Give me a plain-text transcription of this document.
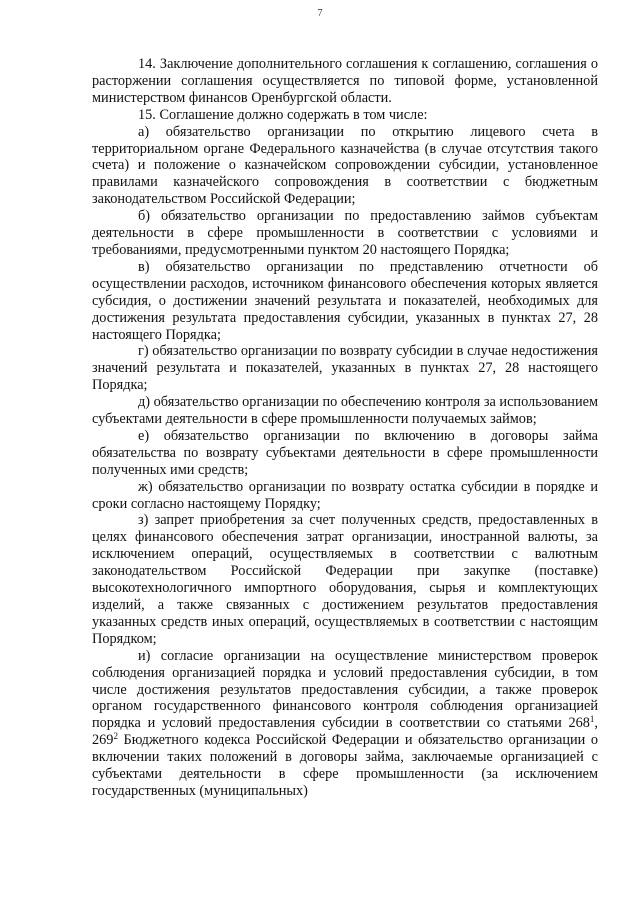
7

14. Заключение дополнительного соглашения к соглашению, соглашения о расторжении соглашения осуществляется по типовой форме, установленной министерством финансов Оренбургской области.

15. Соглашение должно содержать в том числе:

а) обязательство организации по открытию лицевого счета в территориальном органе Федерального казначейства (в случае отсутствия такого счета) и положение о казначейском сопровождении субсидии, установленное правилами казначейского сопровождения в соответствии с бюджетным законодательством Российской Федерации;

б) обязательство организации по предоставлению займов субъектам деятельности в сфере промышленности в соответствии с условиями и требованиями, предусмотренными пунктом 20 настоящего Порядка;

в) обязательство организации по представлению отчетности об осуществлении расходов, источником финансового обеспечения которых является субсидия, о достижении значений результата и показателей, необходимых для достижения результата предоставления субсидии, указанных в пунктах 27, 28 настоящего Порядка;

г) обязательство организации по возврату субсидии в случае недостижения значений результата и показателей, указанных в пунктах 27, 28 настоящего Порядка;

д) обязательство организации по обеспечению контроля за использованием субъектами деятельности в сфере промышленности получаемых займов;

е) обязательство организации по включению в договоры займа обязательства по возврату субъектами деятельности в сфере промышленности полученных ими средств;

ж) обязательство организации по возврату остатка субсидии в порядке и сроки согласно настоящему Порядку;

з) запрет приобретения за счет полученных средств, предоставленных в целях финансового обеспечения затрат организации, иностранной валюты, за исключением операций, осуществляемых в соответствии с валютным законодательством Российской Федерации при закупке (поставке) высокотехнологичного импортного оборудования, сырья и комплектующих изделий, а также связанных с достижением результатов предоставления указанных средств иных операций, осуществляемых в соответствии с настоящим Порядком;

и) согласие организации на осуществление министерством проверок соблюдения организацией порядка и условий предоставления субсидии, в том числе достижения результатов предоставления субсидии, а также проверок органом государственного финансового контроля соблюдения организацией порядка и условий предоставления субсидии в соответствии со статьями $268^1$, $269^2$ Бюджетного кодекса Российской Федерации и обязательство организации о включении таких положений в договоры займа, заключаемые организацией с субъектами деятельности в сфере промышленности (за исключением государственных (муниципальных)
